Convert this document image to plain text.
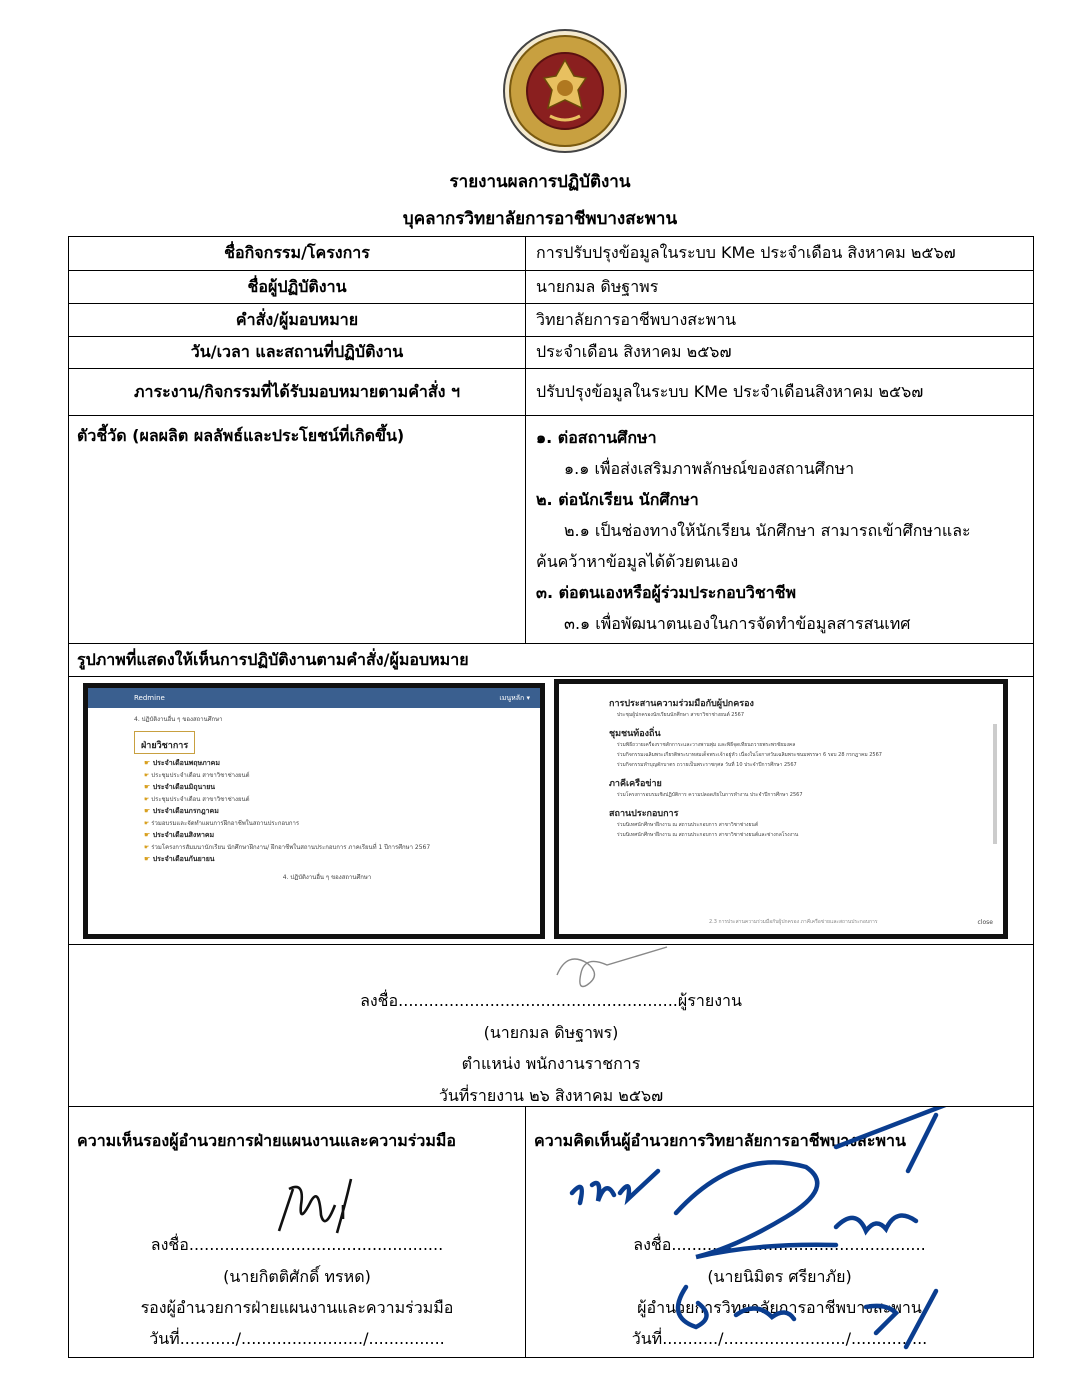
รายงานผลการปฏิบัติงาน
บุคลากรวิทยาลัยการอาชีพบางสะพาน
ชื่อกิจกรรม/โครงการ	การปรับปรุงข้อมูลในระบบ KMe ประจำเดือน สิงหาคม ๒๕๖๗
ชื่อผู้ปฏิบัติงาน	นายกมล ดิษฐาพร
คำสั่ง/ผู้มอบหมาย	วิทยาลัยการอาชีพบางสะพาน
วัน/เวลา และสถานที่ปฏิบัติงาน	ประจำเดือน สิงหาคม ๒๕๖๗
ภาระงาน/กิจกรรมที่ได้รับมอบหมายตามคำสั่ง ฯ	ปรับปรุงข้อมูลในระบบ KMe ประจำเดือนสิงหาคม ๒๕๖๗
ตัวชี้วัด (ผลผลิต ผลลัพธ์และประโยชน์ที่เกิดขึ้น)	๑. ต่อสถานศึกษา
๑.๑ เพื่อส่งเสริมภาพลักษณ์ของสถานศึกษา
๒. ต่อนักเรียน นักศึกษา
๒.๑ เป็นช่องทางให้นักเรียน นักศึกษา สามารถเข้าศึกษาและ
ค้นคว้าหาข้อมูลได้ด้วยตนเอง
๓. ต่อตนเองหรือผู้ร่วมประกอบวิชาชีพ
๓.๑ เพื่อพัฒนาตนเองในการจัดทำข้อมูลสารสนเทศ
รูปภาพที่แสดงให้เห็นการปฏิบัติงานตามคำสั่ง/ผู้มอบหมาย
Redmine	เมนูหลัก ▾
4. ปฏิบัติงานอื่น ๆ ของสถานศึกษา
ฝ่ายวิชาการ
☛ ประจำเดือนพฤษภาคม
☛ ประชุมประจำเดือน สาขาวิชาช่างยนต์
☛ ประจำเดือนมิถุนายน
☛ ประชุมประจำเดือน สาขาวิชาช่างยนต์
☛ ประจำเดือนกรกฎาคม
☛ ร่วมอบรมและจัดทำแผนการฝึกอาชีพในสถานประกอบการ
☛ ประจำเดือนสิงหาคม
☛ ร่วมโครงการสัมมนานักเรียน นักศึกษาฝึกงาน/ ฝึกอาชีพในสถานประกอบการ ภาคเรียนที่ 1 ปีการศึกษา 2567
☛ ประจำเดือนกันยายน
4. ปฏิบัติงานอื่น ๆ ของสถานศึกษา
การประสานความร่วมมือกับผู้ปกครอง
ประชุมผู้ปกครองนักเรียนนักศึกษา สาขาวิชาช่างยนต์ 2567
ชุมชนท้องถิ่น
ร่วมพิธีถวายเครื่องราชสักการะและวางพานพุ่ม และพิธีจุดเทียนถวายพระพรชัยมงคล
ร่วมกิจกรรมเฉลิมพระเกียรติพระบาทสมเด็จพระเจ้าอยู่หัว เนื่องในโอกาสวันเฉลิมพระชนมพรรษา 6 รอบ 28 กรกฎาคม 2567
ร่วมกิจกรรมทำบุญตักบาตร ถวายเป็นพระราชกุศล วันที่ 10 ประจำปีการศึกษา 2567
ภาคีเครือข่าย
ร่วมโครงการอบรมเชิงปฏิบัติการ ความปลอดภัยในการทำงาน ประจำปีการศึกษา 2567
สถานประกอบการ
ร่วมนิเทศนักศึกษาฝึกงาน ณ สถานประกอบการ สาขาวิชาช่างยนต์
ร่วมนิเทศนักศึกษาฝึกงาน ณ สถานประกอบการ สาขาวิชาช่างยนต์และช่างกลโรงงาน
2.3 การประสานความร่วมมือกับผู้ปกครอง ภาคีเครือข่ายและสถานประกอบการ	close
ลงชื่อ.......................................................ผู้รายงาน
(นายกมล ดิษฐาพร)
ตำแหน่ง พนักงานราชการ
วันที่รายงาน ๒๖ สิงหาคม ๒๕๖๗
ความเห็นรองผู้อำนวยการฝ่ายแผนงานและความร่วมมือ
ลงชื่อ..................................................
(นายกิตติศักดิ์ ทรหด)
รองผู้อำนวยการฝ่ายแผนงานและความร่วมมือ
วันที่.........../......................../...............
ความคิดเห็นผู้อำนวยการวิทยาลัยการอาชีพบางสะพาน
ลงชื่อ..................................................
(นายนิมิตร ศรียาภัย)
ผู้อำนวยการวิทยาลัยการอาชีพบางสะพาน
วันที่.........../......................../...............
